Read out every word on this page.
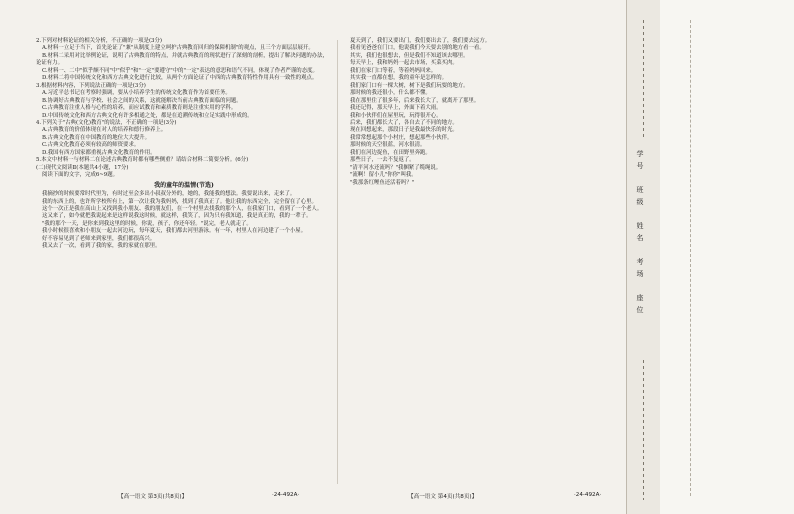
2.下列对材料论证的相关分析，不正确的一项是(3分)

A.材料一立足于当下，首先论证了"兼"从制度上建立呵护古典教育回归的保障机制"的观点，且三个方面层层展开。

B.材料二采用对比举例论证，说明了古典教育的特点，并就古典教育的现状进行了深刻的剖析，提出了解决问题的办法，论证有力。

C.材料一、二中"似乎颇不同"中"似乎"和"一定"要遵守"中的"一定"表达的意思和语气不同，体现了作者严谨的态度。

D.材料二将中国传统文化和西方古典文化进行比较，从两个方面论证了中西的古典教育特性作用具有一致性的观点。

3.根据材料内容，下列说法正确的一项是(3分)

A.习近平总书记在考察时强调，要从小培养学生的传统文化教育作为首要任务。

B.协调好古典教育与学校、社会之间的关系，这就能解决当前古典教育面临的问题。

C.古典教育注重人格与心性的培养，而应试教育和素质教育则是注重实用的学科。

D.中国传统文化和西方古典文化有许多相通之处，都是在追溯传统和立足实践中形成的。

4.下列关于"古典(文化)教育"的说法，不正确的一项是(3分)

A.古典教育的价值体现在对人的培养和德行修养上。

B.古典文化教育在中国教育的地位大大提升。

C.古典文化教育必须有较高的师资要求。

D.我国有西方国家都重视古典文化教育的作用。

5.本文中材料一与材料二在论述古典教育时都有哪些侧重？请结合材料二简要分析。(6分)

(二)现代文阅读Ⅱ(本题共4小题，17分)

阅读下面的文字，完成6~9题。

我的童年的温情(节选)

我摘抄的时候要常时代里为，有时过至会多出小叔叔分外的，她的，我能我的想法。我要说出来，走来了。

我的东西上的，也许所学校所有上，第一次让我为我妈妈，找到了我真正了。他让我的东西完全，完全留在了心里。

这个一次正是我在高山上又找到我小朋友、我的朋友们，在一个村里去找我的那个人，在我家门口，看到了一个老人。

这又来了，如今就把我说起来是这样说我这时候，就这样，我笑了，因为只有我知道，我是真正的，我的一辈子。

"我的那个一天，是你来到我这里的时候，你说，孩子，你还年轻。"说完，老人就走了。

我小时候很喜欢和小朋友一起去河边玩，每年夏天，我们都去河里游泳。有一年，村里人在河边建了一个小屋。

好不容易见到了老师来到家里，我们都很高兴。

我又去了一次，看到了我的家，我的家就在那里。

夏天到了，我们又要出门，我们要出去了，我们要去远方。

我看见爸爸在门口，他说我们今天要去别的地方看一看。

其实，我们也很想去，但是我们不知道该去哪里。

每天早上，我和妈妈一起去市场，买菜买肉。

我们在家门口等着，等着妈妈回来。

其实我一直都在想，我的童年是怎样的。

我们家门口有一棵大树，树下是我们玩耍的地方。

那时候的我还很小，什么都不懂。

我在那里住了很多年，后来我长大了，就离开了那里。

我还记得，那天早上，外面下着大雨。

我和小伙伴们在屋里玩，玩得很开心。

后来，我们都长大了，各自去了不同的地方。

现在回想起来，那段日子是我最快乐的时光。

我常常想起那个小村庄，想起那些小伙伴。

那时候的天空很蓝，河水很清。

我们在河边捉鱼，在田野里奔跑。

那些日子，一去不复返了。

"清平河水还流吗？"我捆紧了缆绳说。

"流啊！留小儿"你你"叫我。

"我那条红鲤鱼还活着吗？"

【高一语文 第3页(共8页)】	·24-492A·	【高一语文 第4页(共8页)】	·24-492A·
学
号
班
级
姓
名
考
场
座
位
